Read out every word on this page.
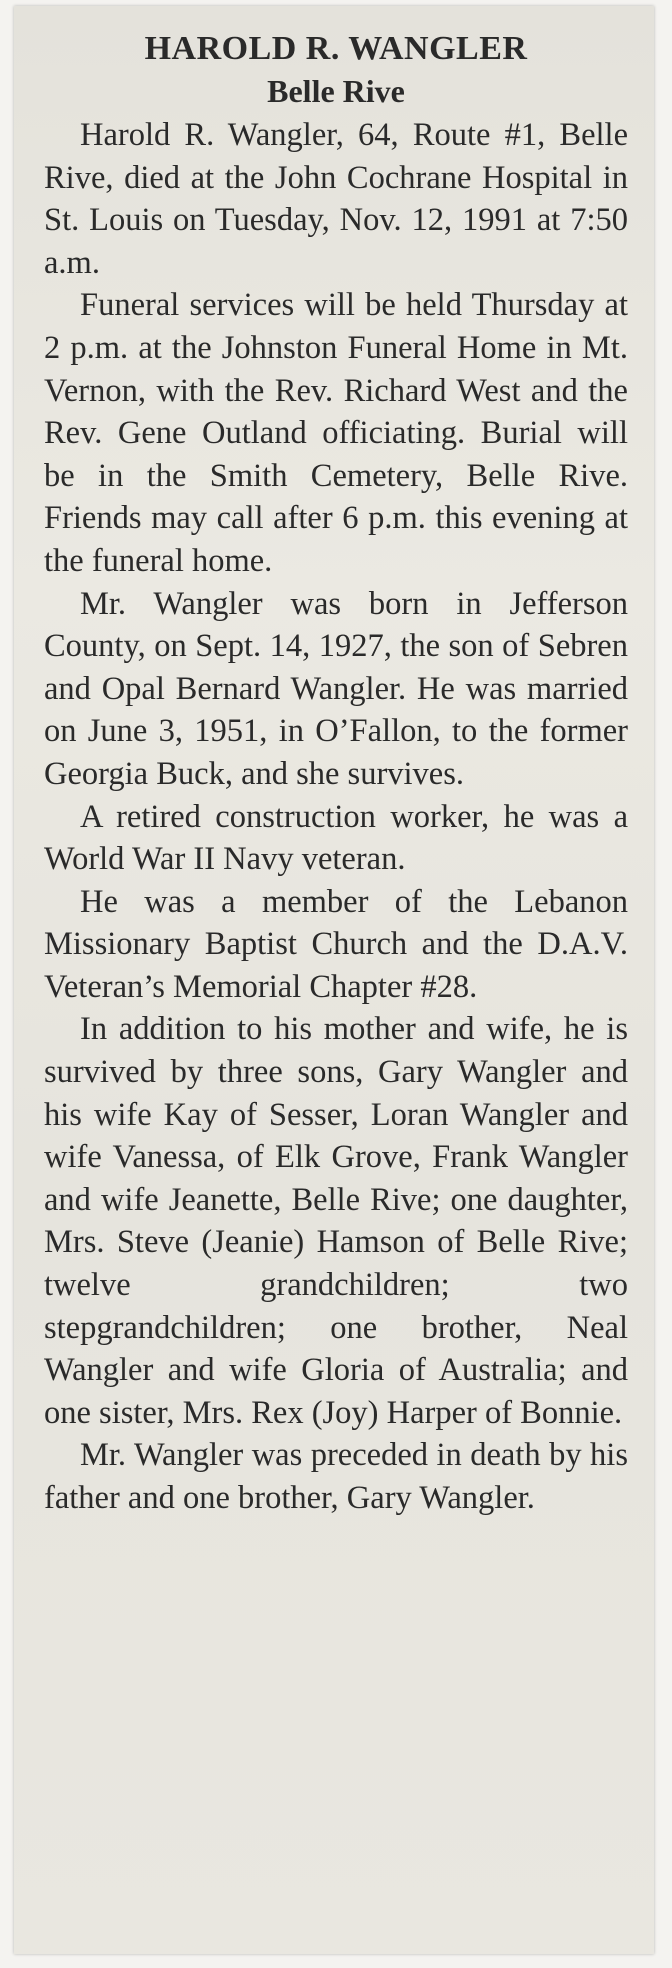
HAROLD R. WANGLER
Belle Rive

Harold R. Wangler, 64, Route #1, Belle Rive, died at the John Cochrane Hospital in St. Louis on Tuesday, Nov. 12, 1991 at 7:50 a.m.

Funeral services will be held Thursday at 2 p.m. at the Johnston Funeral Home in Mt. Vernon, with the Rev. Richard West and the Rev. Gene Outland officiating. Burial will be in the Smith Cemetery, Belle Rive. Friends may call after 6 p.m. this evening at the funeral home.

Mr. Wangler was born in Jefferson County, on Sept. 14, 1927, the son of Sebren and Opal Bernard Wangler. He was married on June 3, 1951, in O’Fallon, to the former Georgia Buck, and she survives.

A retired construction worker, he was a World War II Navy veteran.

He was a member of the Lebanon Missionary Baptist Church and the D.A.V. Veteran’s Memorial Chapter #28.

In addition to his mother and wife, he is survived by three sons, Gary Wangler and his wife Kay of Sesser, Loran Wangler and wife Vanessa, of Elk Grove, Frank Wangler and wife Jeanette, Belle Rive; one daughter, Mrs. Steve (Jeanie) Hamson of Belle Rive; twelve grandchildren; two stepgrandchildren; one brother, Neal Wangler and wife Gloria of Australia; and one sister, Mrs. Rex (Joy) Harper of Bonnie.

Mr. Wangler was preceded in death by his father and one brother, Gary Wangler.
